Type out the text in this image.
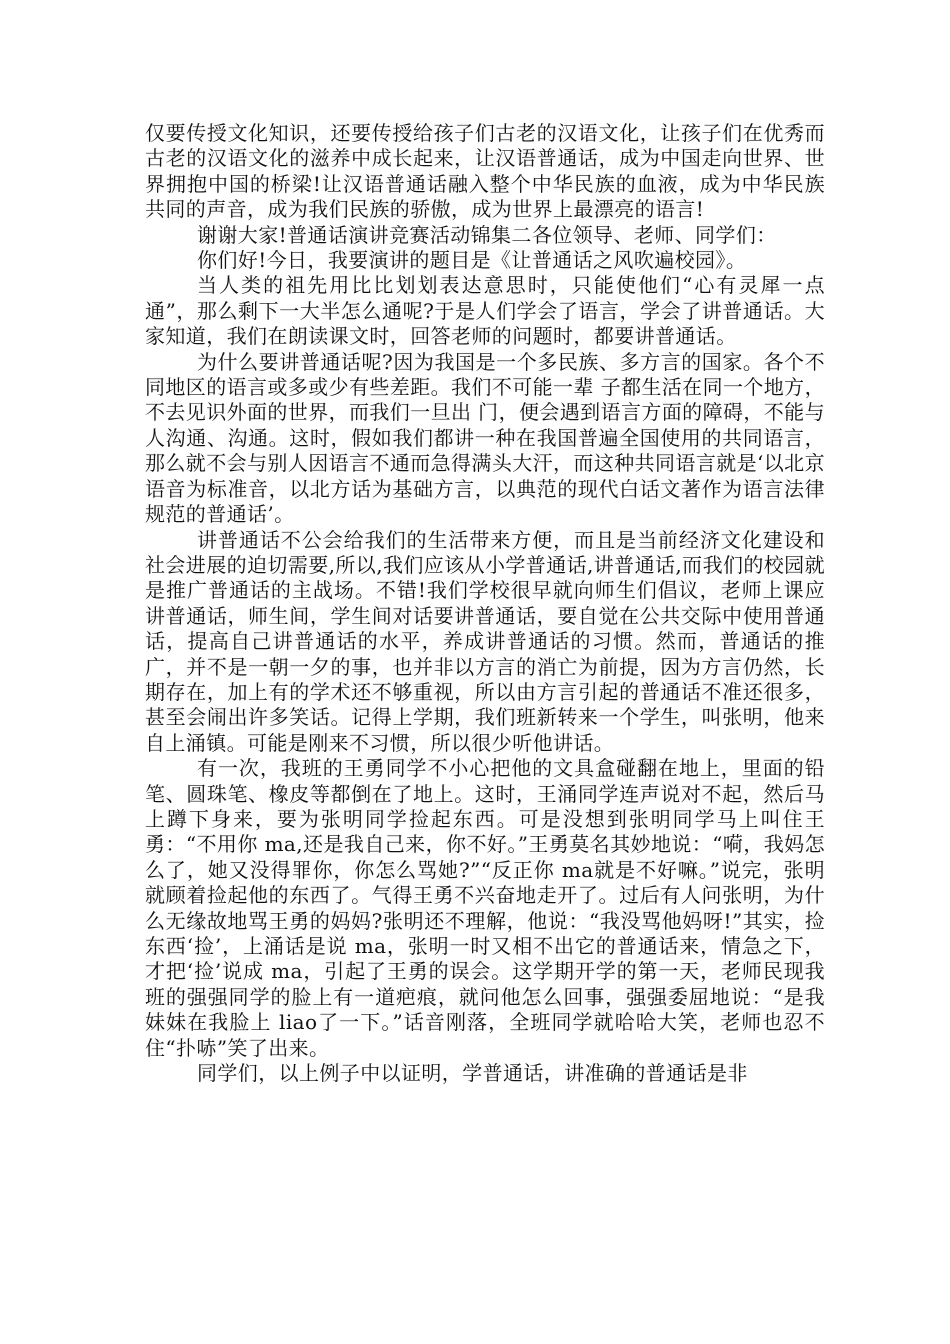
仅要传授文化知识，还要传授给孩子们古老的汉语文化，让孩子们在优秀而古老的汉语文化的滋养中成长起来，让汉语普通话，成为中国走向世界、世界拥抱中国的桥梁!让汉语普通话融入整个中华民族的血液，成为中华民族共同的声音，成为我们民族的骄傲，成为世界上最漂亮的语言!

谢谢大家!普通话演讲竞赛活动锦集二各位领导、老师、同学们：

你们好!今日，我要演讲的题目是《让普通话之风吹遍校园》。

当人类的祖先用比比划划表达意思时，只能使他们“心有灵犀一点通”，那么剩下一大半怎么通呢?于是人们学会了语言，学会了讲普通话。大家知道，我们在朗读课文时，回答老师的问题时，都要讲普通话。

为什么要讲普通话呢?因为我国是一个多民族、多方言的国家。各个不同地区的语言或多或少有些差距。我们不可能一辈 子都生活在同一个地方，不去见识外面的世界，而我们一旦出 门，便会遇到语言方面的障碍，不能与人沟通、沟通。这时，假如我们都讲一种在我国普遍全国使用的共同语言，那么就不会与别人因语言不通而急得满头大汗，而这种共同语言就是‘以北京语音为标准音，以北方话为基础方言，以典范的现代白话文著作为语言法律规范的普通话’。

讲普通话不公会给我们的生活带来方便，而且是当前经济文化建设和社会进展的迫切需要,所以,我们应该从小学普通话,讲普通话,而我们的校园就是推广普通话的主战场。不错!我们学校很早就向师生们倡议，老师上课应讲普通话，师生间，学生间对话要讲普通话，要自觉在公共交际中使用普通话，提高自己讲普通话的水平，养成讲普通话的习惯。然而，普通话的推广，并不是一朝一夕的事，也并非以方言的消亡为前提，因为方言仍然，长期存在，加上有的学术还不够重视，所以由方言引起的普通话不准还很多，甚至会闹出许多笑话。记得上学期，我们班新转来一个学生，叫张明，他来自上涌镇。可能是刚来不习惯，所以很少听他讲话。

有一次，我班的王勇同学不小心把他的文具盒碰翻在地上，里面的铅笔、圆珠笔、橡皮等都倒在了地上。这时，王涌同学连声说对不起，然后马上蹲下身来，要为张明同学捡起东西。可是没想到张明同学马上叫住王勇：“不用你 ma,还是我自己来，你不好。”王勇莫名其妙地说：“嗬，我妈怎么了，她又没得罪你，你怎么骂她?”“反正你 ma就是不好嘛。”说完，张明就顾着捡起他的东西了。气得王勇不兴奋地走开了。过后有人问张明，为什么无缘故地骂王勇的妈妈?张明还不理解，他说：“我没骂他妈呀!”其实，捡东西‘捡’，上涌话是说 ma，张明一时又相不出它的普通话来，情急之下，才把‘捡’说成 ma，引起了王勇的误会。这学期开学的第一天，老师民现我班的强强同学的脸上有一道疤痕，就问他怎么回事，强强委屈地说：“是我妹妹在我脸上 liao了一下。”话音刚落，全班同学就哈哈大笑，老师也忍不住“扑哧”笑了出来。

同学们，以上例子中以证明，学普通话，讲准确的普通话是非
